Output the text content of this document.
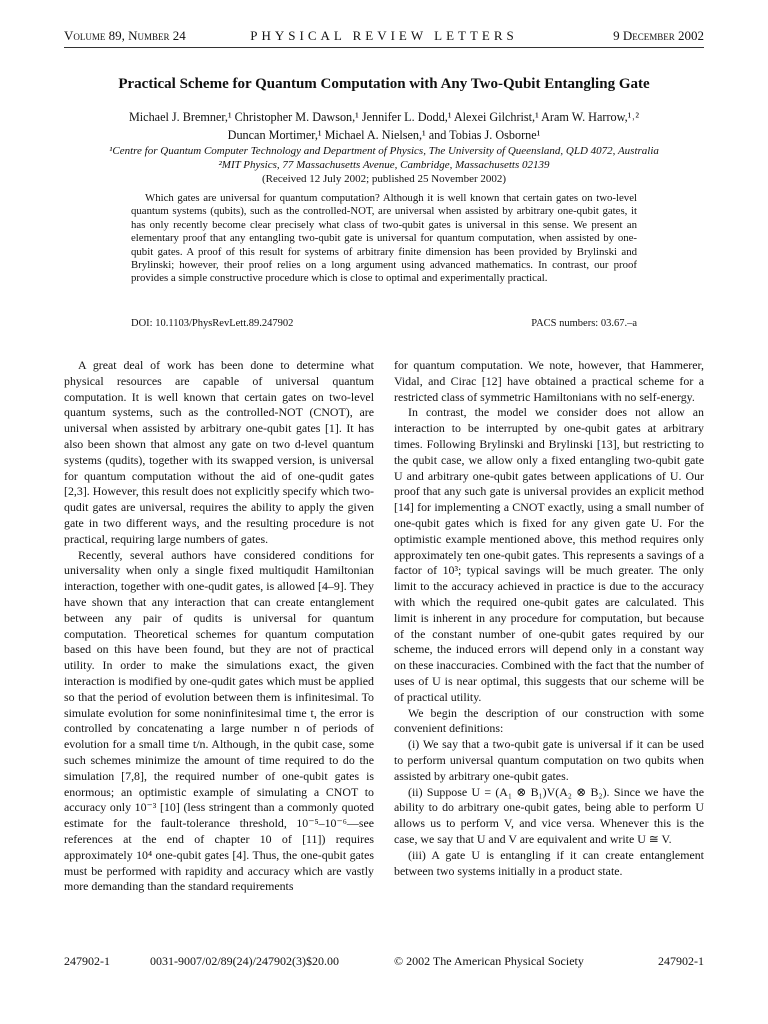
Volume 89, Number 24	PHYSICAL REVIEW LETTERS	9 December 2002
Practical Scheme for Quantum Computation with Any Two-Qubit Entangling Gate
Michael J. Bremner,¹ Christopher M. Dawson,¹ Jennifer L. Dodd,¹ Alexei Gilchrist,¹ Aram W. Harrow,¹˒²
Duncan Mortimer,¹ Michael A. Nielsen,¹ and Tobias J. Osborne¹
¹Centre for Quantum Computer Technology and Department of Physics, The University of Queensland, QLD 4072, Australia
²MIT Physics, 77 Massachusetts Avenue, Cambridge, Massachusetts 02139
(Received 12 July 2002; published 25 November 2002)
Which gates are universal for quantum computation? Although it is well known that certain gates on two-level quantum systems (qubits), such as the controlled-NOT, are universal when assisted by arbitrary one-qubit gates, it has only recently become clear precisely what class of two-qubit gates is universal in this sense. We present an elementary proof that any entangling two-qubit gate is universal for quantum computation, when assisted by one-qubit gates. A proof of this result for systems of arbitrary finite dimension has been provided by Brylinski and Brylinski; however, their proof relies on a long argument using advanced mathematics. In contrast, our proof provides a simple constructive procedure which is close to optimal and experimentally practical.
DOI: 10.1103/PhysRevLett.89.247902	PACS numbers: 03.67.–a

A great deal of work has been done to determine what physical resources are capable of universal quantum computation. It is well known that certain gates on two-level quantum systems, such as the controlled-NOT (CNOT), are universal when assisted by arbitrary one-qubit gates [1]. It has also been shown that almost any gate on two d-level quantum systems (qudits), together with its swapped version, is universal for quantum computation without the aid of one-qudit gates [2,3]. However, this result does not explicitly specify which two-qudit gates are universal, requires the ability to apply the given gate in two different ways, and the resulting procedure is not practical, requiring large numbers of gates.

Recently, several authors have considered conditions for universality when only a single fixed multiqudit Hamiltonian interaction, together with one-qudit gates, is allowed [4–9]. They have shown that any interaction that can create entanglement between any pair of qudits is universal for quantum computation. Theoretical schemes for quantum computation based on this have been found, but they are not of practical utility. In order to make the simulations exact, the given interaction is modified by one-qudit gates which must be applied so that the period of evolution between them is infinitesimal. To simulate evolution for some noninfinitesimal time t, the error is controlled by concatenating a large number n of periods of evolution for a small time t/n. Although, in the qubit case, some such schemes minimize the amount of time required to do the simulation [7,8], the required number of one-qubit gates is enormous; an optimistic example of simulating a CNOT to accuracy only 10⁻³ [10] (less stringent than a commonly quoted estimate for the fault-tolerance threshold, 10⁻⁵–10⁻⁶—see references at the end of chapter 10 of [11]) requires approximately 10⁴ one-qubit gates [4]. Thus, the one-qubit gates must be performed with rapidity and accuracy which are vastly more demanding than the standard requirements

for quantum computation. We note, however, that Hammerer, Vidal, and Cirac [12] have obtained a practical scheme for a restricted class of symmetric Hamiltonians with no self-energy.

In contrast, the model we consider does not allow an interaction to be interrupted by one-qubit gates at arbitrary times. Following Brylinski and Brylinski [13], but restricting to the qubit case, we allow only a fixed entangling two-qubit gate U and arbitrary one-qubit gates between applications of U. Our proof that any such gate is universal provides an explicit method [14] for implementing a CNOT exactly, using a small number of one-qubit gates which is fixed for any given gate U. For the optimistic example mentioned above, this method requires only approximately ten one-qubit gates. This represents a savings of a factor of 10³; typical savings will be much greater. The only limit to the accuracy achieved in practice is due to the accuracy with which the required one-qubit gates are calculated. This limit is inherent in any procedure for computation, but because of the constant number of one-qubit gates required by our scheme, the induced errors will depend only in a constant way on these inaccuracies. Combined with the fact that the number of uses of U is near optimal, this suggests that our scheme will be of practical utility.

We begin the description of our construction with some convenient definitions:

(i) We say that a two-qubit gate is universal if it can be used to perform universal quantum computation on two qubits when assisted by arbitrary one-qubit gates.

(ii) Suppose U = (A₁ ⊗ B₁)V(A₂ ⊗ B₂). Since we have the ability to do arbitrary one-qubit gates, being able to perform U allows us to perform V, and vice versa. Whenever this is the case, we say that U and V are equivalent and write U ≅ V.

(iii) A gate U is entangling if it can create entanglement between two systems initially in a product state.

247902-1	0031-9007/02/89(24)/247902(3)$20.00	© 2002 The American Physical Society	247902-1
